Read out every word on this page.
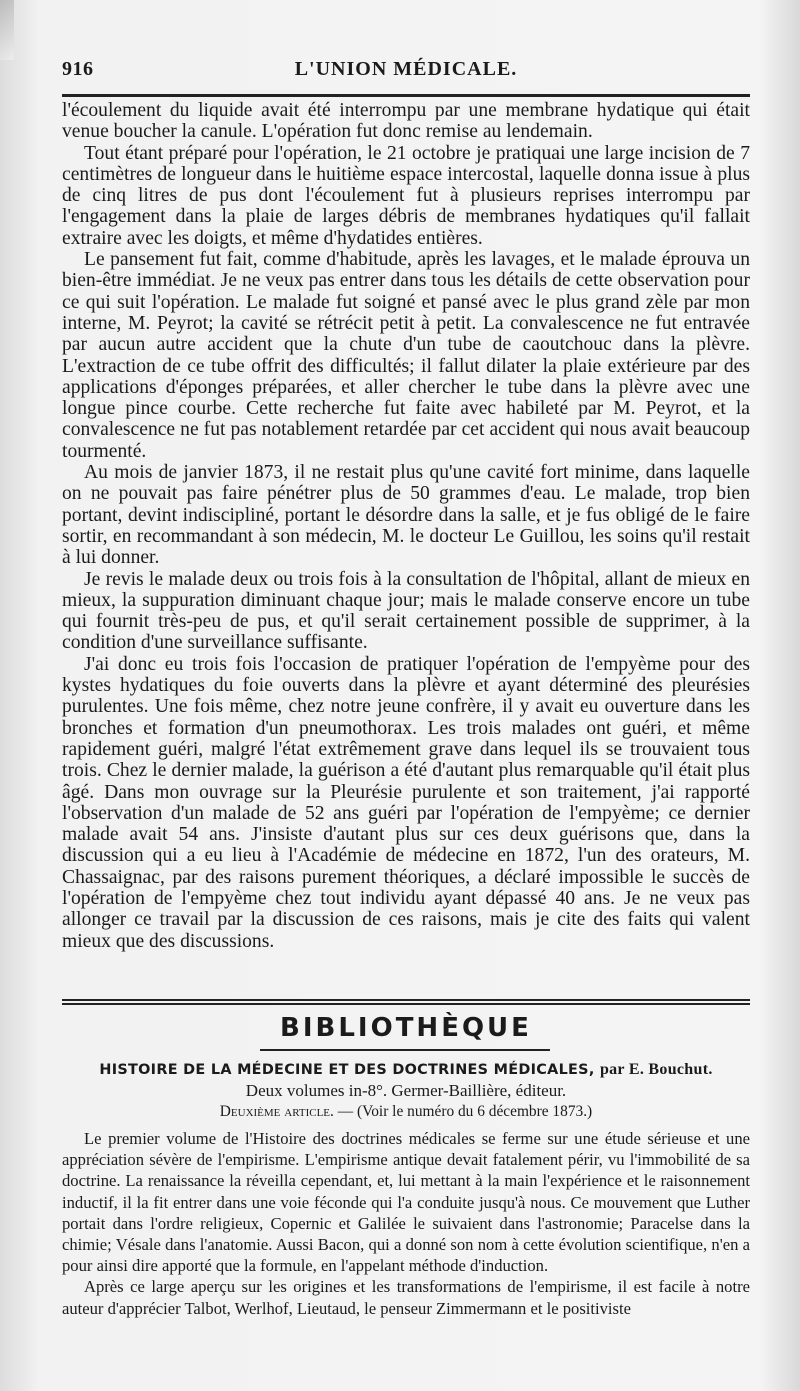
L'UNION MÉDICALE.
916

l'écoulement du liquide avait été interrompu par une membrane hydatique qui était venue boucher la canule. L'opération fut donc remise au lendemain.

Tout étant préparé pour l'opération, le 21 octobre je pratiquai une large incision de 7 centimètres de longueur dans le huitième espace intercostal, laquelle donna issue à plus de cinq litres de pus dont l'écoulement fut à plusieurs reprises interrompu par l'engagement dans la plaie de larges débris de membranes hydatiques qu'il fallait extraire avec les doigts, et même d'hydatides entières.

Le pansement fut fait, comme d'habitude, après les lavages, et le malade éprouva un bien-être immédiat. Je ne veux pas entrer dans tous les détails de cette observation pour ce qui suit l'opération. Le malade fut soigné et pansé avec le plus grand zèle par mon interne, M. Peyrot; la cavité se rétrécit petit à petit. La convalescence ne fut entravée par aucun autre accident que la chute d'un tube de caoutchouc dans la plèvre. L'extraction de ce tube offrit des difficultés; il fallut dilater la plaie extérieure par des applications d'éponges préparées, et aller chercher le tube dans la plèvre avec une longue pince courbe. Cette recherche fut faite avec habileté par M. Peyrot, et la convalescence ne fut pas notablement retardée par cet accident qui nous avait beaucoup tourmenté.

Au mois de janvier 1873, il ne restait plus qu'une cavité fort minime, dans laquelle on ne pouvait pas faire pénétrer plus de 50 grammes d'eau. Le malade, trop bien portant, devint indiscipliné, portant le désordre dans la salle, et je fus obligé de le faire sortir, en recommandant à son médecin, M. le docteur Le Guillou, les soins qu'il restait à lui donner.

Je revis le malade deux ou trois fois à la consultation de l'hôpital, allant de mieux en mieux, la suppuration diminuant chaque jour; mais le malade conserve encore un tube qui fournit très-peu de pus, et qu'il serait certainement possible de supprimer, à la condition d'une surveillance suffisante.

J'ai donc eu trois fois l'occasion de pratiquer l'opération de l'empyème pour des kystes hydatiques du foie ouverts dans la plèvre et ayant déterminé des pleurésies purulentes. Une fois même, chez notre jeune confrère, il y avait eu ouverture dans les bronches et formation d'un pneumothorax. Les trois malades ont guéri, et même rapidement guéri, malgré l'état extrêmement grave dans lequel ils se trouvaient tous trois. Chez le dernier malade, la guérison a été d'autant plus remarquable qu'il était plus âgé. Dans mon ouvrage sur la Pleurésie purulente et son traitement, j'ai rapporté l'observation d'un malade de 52 ans guéri par l'opération de l'empyème; ce dernier malade avait 54 ans. J'insiste d'autant plus sur ces deux guérisons que, dans la discussion qui a eu lieu à l'Académie de médecine en 1872, l'un des orateurs, M. Chassaignac, par des raisons purement théoriques, a déclaré impossible le succès de l'opération de l'empyème chez tout individu ayant dépassé 40 ans. Je ne veux pas allonger ce travail par la discussion de ces raisons, mais je cite des faits qui valent mieux que des discussions.

BIBLIOTHÈQUE
HISTOIRE DE LA MÉDECINE ET DES DOCTRINES MÉDICALES, par E. Bouchut.
Deux volumes in-8°. Germer-Baillière, éditeur.
Deuxième article. — (Voir le numéro du 6 décembre 1873.)

Le premier volume de l'Histoire des doctrines médicales se ferme sur une étude sérieuse et une appréciation sévère de l'empirisme. L'empirisme antique devait fatalement périr, vu l'immobilité de sa doctrine. La renaissance la réveilla cependant, et, lui mettant à la main l'expérience et le raisonnement inductif, il la fit entrer dans une voie féconde qui l'a conduite jusqu'à nous. Ce mouvement que Luther portait dans l'ordre religieux, Copernic et Galilée le suivaient dans l'astronomie; Paracelse dans la chimie; Vésale dans l'anatomie. Aussi Bacon, qui a donné son nom à cette évolution scientifique, n'en a pour ainsi dire apporté que la formule, en l'appelant méthode d'induction.

Après ce large aperçu sur les origines et les transformations de l'empirisme, il est facile à notre auteur d'apprécier Talbot, Werlhof, Lieutaud, le penseur Zimmermann et le positiviste
